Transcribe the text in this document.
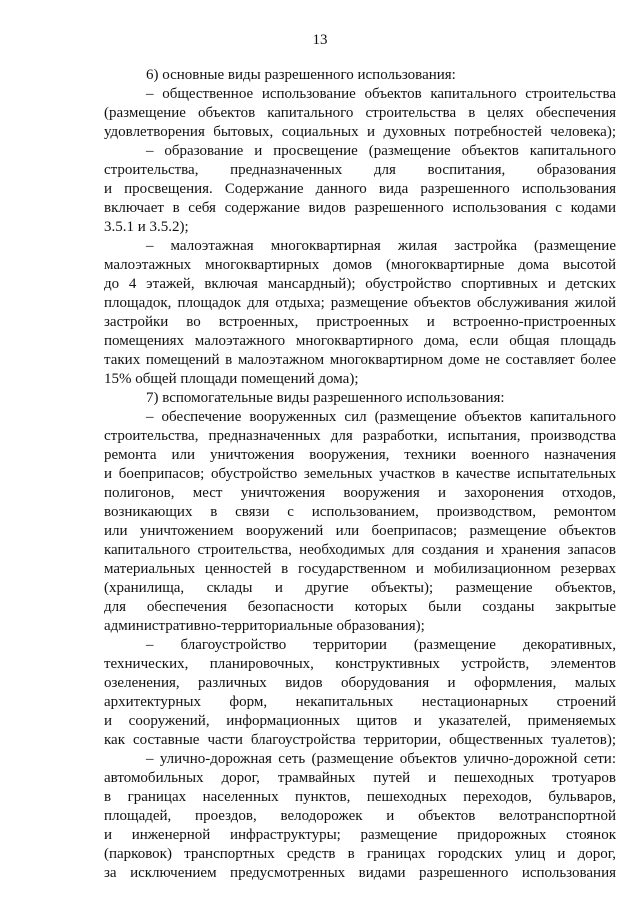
13
6) основные виды разрешенного использования:
– общественное использование объектов капитального строительства
(размещение объектов капитального строительства в целях обеспечения
удовлетворения бытовых, социальных и духовных потребностей человека);
– образование и просвещение (размещение объектов капитального
строительства, предназначенных для воспитания, образования
и просвещения. Содержание данного вида разрешенного использования
включает в себя содержание видов разрешенного использования с кодами
3.5.1 и 3.5.2);
– малоэтажная многоквартирная жилая застройка (размещение
малоэтажных многоквартирных домов (многоквартирные дома высотой
до 4 этажей, включая мансардный); обустройство спортивных и детских
площадок, площадок для отдыха; размещение объектов обслуживания жилой
застройки во встроенных, пристроенных и встроенно-пристроенных
помещениях малоэтажного многоквартирного дома, если общая площадь
таких помещений в малоэтажном многоквартирном доме не составляет более
15% общей площади помещений дома);
7) вспомогательные виды разрешенного использования:
– обеспечение вооруженных сил (размещение объектов капитального
строительства, предназначенных для разработки, испытания, производства
ремонта или уничтожения вооружения, техники военного назначения
и боеприпасов; обустройство земельных участков в качестве испытательных
полигонов, мест уничтожения вооружения и захоронения отходов,
возникающих в связи с использованием, производством, ремонтом
или уничтожением вооружений или боеприпасов; размещение объектов
капитального строительства, необходимых для создания и хранения запасов
материальных ценностей в государственном и мобилизационном резервах
(хранилища, склады и другие объекты); размещение объектов,
для обеспечения безопасности которых были созданы закрытые
административно-территориальные образования);
– благоустройство территории (размещение декоративных,
технических, планировочных, конструктивных устройств, элементов
озеленения, различных видов оборудования и оформления, малых
архитектурных форм, некапитальных нестационарных строений
и сооружений, информационных щитов и указателей, применяемых
как составные части благоустройства территории, общественных туалетов);
– улично-дорожная сеть (размещение объектов улично-дорожной сети:
автомобильных дорог, трамвайных путей и пешеходных тротуаров
в границах населенных пунктов, пешеходных переходов, бульваров,
площадей, проездов, велодорожек и объектов велотранспортной
и инженерной инфраструктуры; размещение придорожных стоянок
(парковок) транспортных средств в границах городских улиц и дорог,
за исключением предусмотренных видами разрешенного использования
